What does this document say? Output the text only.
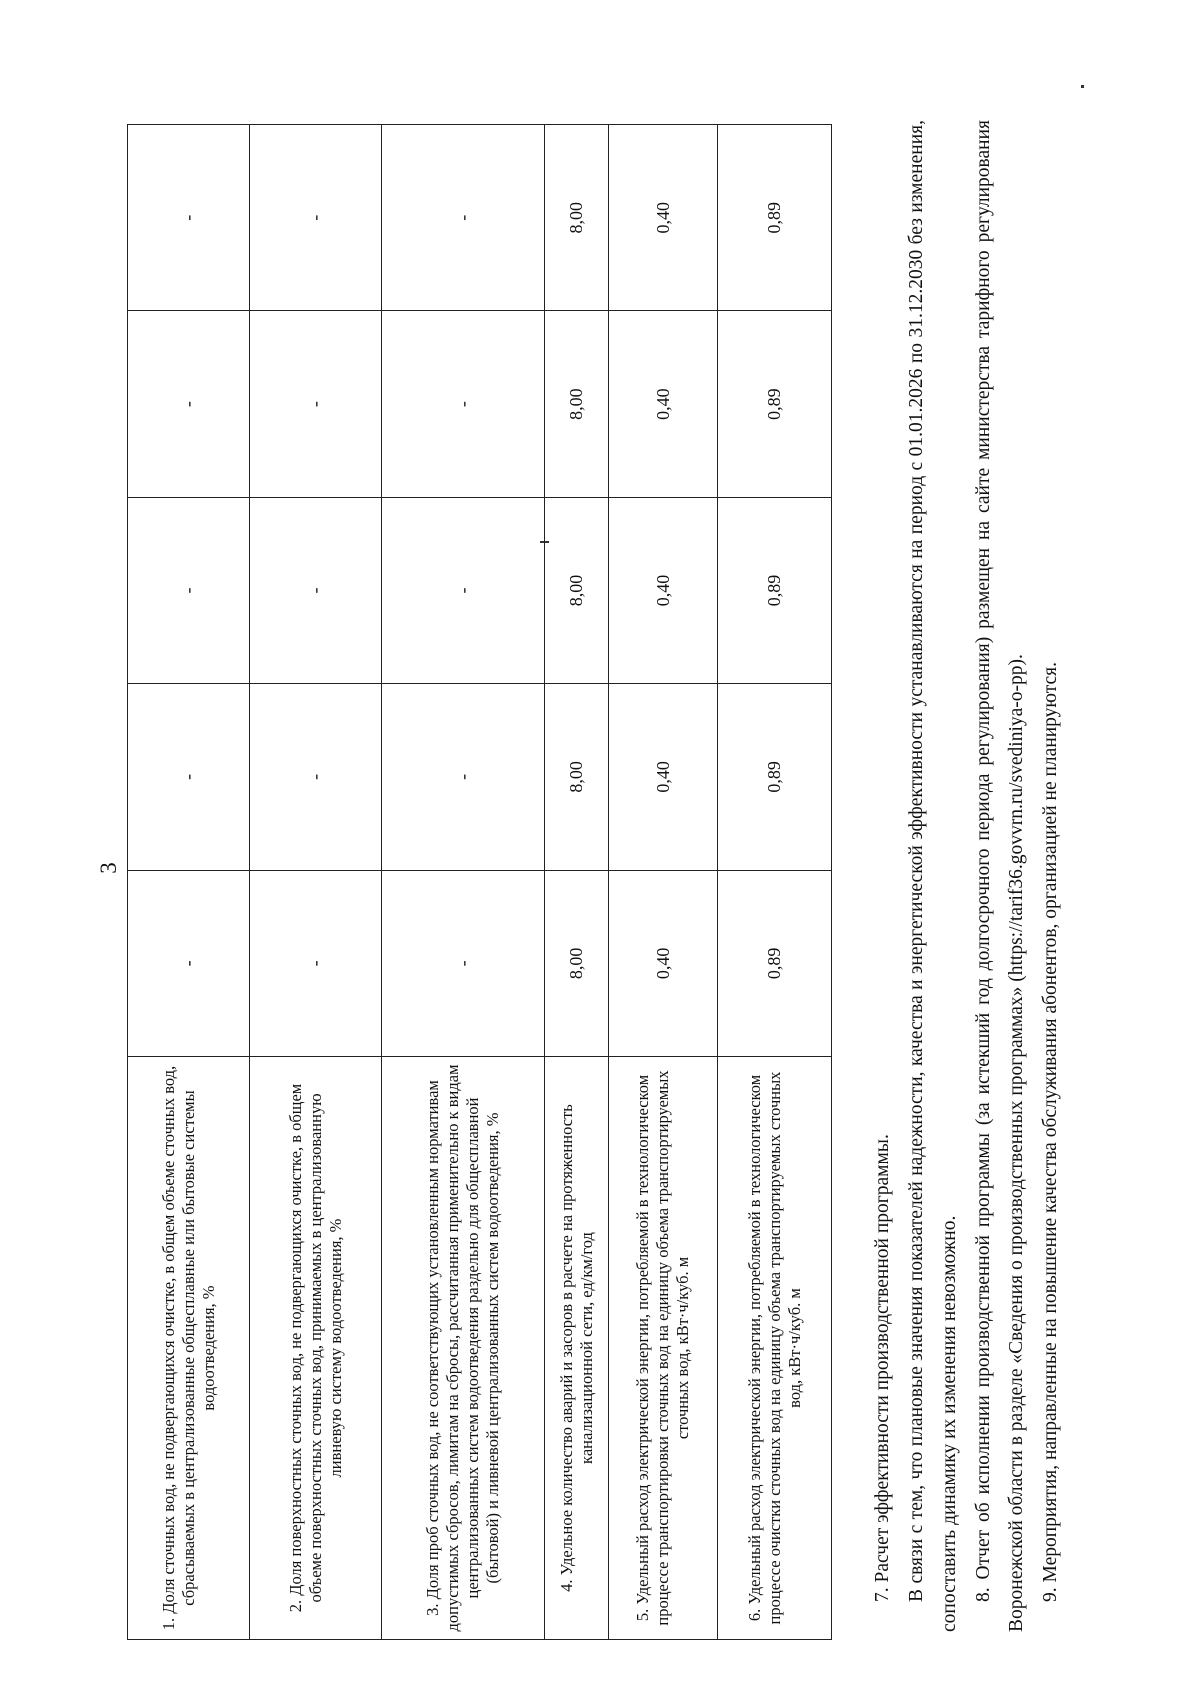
3
1. Доля сточных вод, не подвергающихся очистке, в общем объеме сточных вод, сбрасываемых в централизованные общесплавные или бытовые системы водоотведения, %	-	-	-	-	-
2. Доля поверхностных сточных вод, не подвергающихся очистке, в общем объеме поверхностных сточных вод, принимаемых в централизованную ливневую систему водоотведения, %	-	-	-	-	-
3. Доля проб сточных вод, не соответствующих установленным нормативам допустимых сбросов, лимитам на сбросы, рассчитанная применительно к видам централизованных систем водоотведения раздельно для общесплавной (бытовой) и ливневой централизованных систем водоотведения, %	-	-	-	-	-
4. Удельное количество аварий и засоров в расчете на протяженность канализационной сети, ед/км/год	8,00	8,00	8,00	8,00	8,00
5. Удельный расход электрической энергии, потребляемой в технологическом процессе транспортировки сточных вод на единицу объема транспортируемых сточных вод, кВт·ч/куб. м	0,40	0,40	0,40	0,40	0,40
6. Удельный расход электрической энергии, потребляемой в технологическом процессе очистки сточных вод на единицу объема транспортируемых сточных вод, кВт·ч/куб. м	0,89	0,89	0,89	0,89	0,89

7. Расчет эффективности производственной программы. В связи с тем, что плановые значения показателей надежности, качества и энергетической эффективности устанавливаются на период с 01.01.2026 по 31.12.2030 без изменения, сопоставить динамику их изменения невозможно. 8. Отчет об исполнении производственной программы (за истекший год долгосрочного периода регулирования) размещен на сайте министерства тарифного регулирования Воронежской области в разделе «Сведения о производственных программах» (https://tarif36.govvrn.ru/svediniya-o-pp). 9. Мероприятия, направленные на повышение качества обслуживания абонентов, организацией не планируются.
